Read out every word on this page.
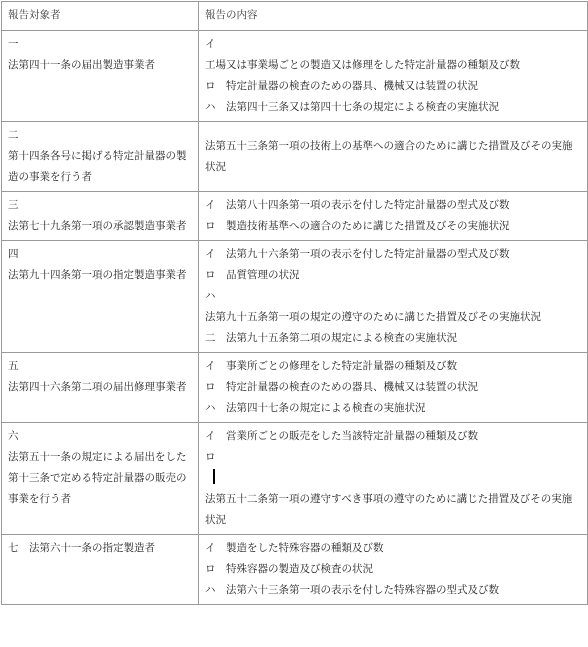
報告対象者	報告の内容

一
法第四十一条の届出製造事業者	イ
工場又は事業場ごとの製造又は修理をした特定計量器の種類及び数
ロ　特定計量器の検査のための器具、機械又は装置の状況
ハ　法第四十三条又は第四十七条の規定による検査の実施状況

二
第十四条各号に掲げる特定計量器の製造の事業を行う者	法第五十三条第一項の技術上の基準への適合のために講じた措置及びその実施状況

三
法第七十九条第一項の承認製造事業者	イ　法第八十四条第一項の表示を付した特定計量器の型式及び数
ロ　製造技術基準への適合のために講じた措置及びその実施状況

四
法第九十四条第一項の指定製造事業者	イ　法第九十六条第一項の表示を付した特定計量器の型式及び数
ロ　品質管理の状況
ハ
法第九十五条第一項の規定の遵守のために講じた措置及びその実施状況
二　法第九十五条第二項の規定による検査の実施状況

五
法第四十六条第二項の届出修理事業者	イ　事業所ごとの修理をした特定計量器の種類及び数
ロ　特定計量器の検査のための器具、機械又は装置の状況
ハ　法第四十七条の規定による検査の実施状況

六
法第五十一条の規定による届出をした第十三条で定める特定計量器の販売の事業を行う者	イ　営業所ごとの販売をした当該特定計量器の種類及び数
ロ
法第五十二条第一項の遵守すべき事項の遵守のために講じた措置及びその実施状況

七　法第六十一条の指定製造者	イ　製造をした特殊容器の種類及び数
ロ　特殊容器の製造及び検査の状況
ハ　法第六十三条第一項の表示を付した特殊容器の型式及び数
